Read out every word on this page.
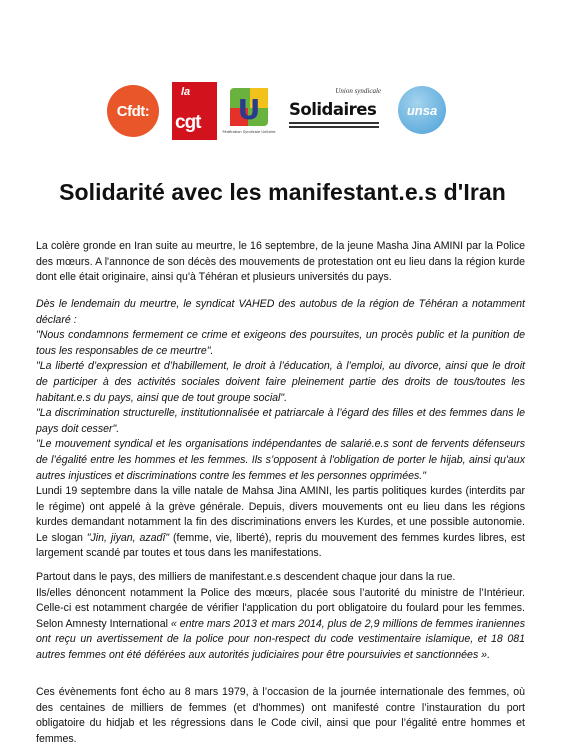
Cfdt:
la
cgt U
Fédération Syndicale Unitaire
Union syndicale
Solidaires unsa
Solidarité avec les manifestant.e.s d'Iran

La colère gronde en Iran suite au meurtre, le 16 septembre, de la jeune Masha Jina AMINI par la Police des mœurs. A l'annonce de son décès des mouvements de protestation ont eu lieu dans la région kurde dont elle était originaire, ainsi qu'à Téhéran et plusieurs universités du pays.

Dès le lendemain du meurtre, le syndicat VAHED des autobus de la région de Téhéran a notamment déclaré :

"Nous condamnons fermement ce crime et exigeons des poursuites, un procès public et la punition de tous les responsables de ce meurtre".

"La liberté d’expression et d’habillement, le droit à l’éducation, à l’emploi, au divorce, ainsi que le droit de participer à des activités sociales doivent faire pleinement partie des droits de tous/toutes les habitant.e.s du pays, ainsi que de tout groupe social".

"La discrimination structurelle, institutionnalisée et patriarcale à l’égard des filles et des femmes dans le pays doit cesser".

"Le mouvement syndical et les organisations indépendantes de salarié.e.s sont de fervents défenseurs de l’égalité entre les hommes et les femmes. Ils s’opposent à l'obligation de porter le hijab, ainsi qu'aux autres injustices et discriminations contre les femmes et les personnes opprimées."

Lundi 19 septembre dans la ville natale de Mahsa Jina AMINI, les partis politiques kurdes (interdits par le régime) ont appelé à la grève générale. Depuis, divers mouvements ont eu lieu dans les régions kurdes demandant notamment la fin des discriminations envers les Kurdes, et une possible autonomie. Le slogan "Jin, jiyan, azadî" (femme, vie, liberté), repris du mouvement des femmes kurdes libres, est largement scandé par toutes et tous dans les manifestations.

Partout dans le pays, des milliers de manifestant.e.s descendent chaque jour dans la rue.

Ils/elles dénoncent notamment la Police des mœurs, placée sous l’autorité du ministre de l’Intérieur. Celle-ci est notamment chargée de vérifier l'application du port obligatoire du foulard pour les femmes. Selon Amnesty International « entre mars 2013 et mars 2014, plus de 2,9 millions de femmes iraniennes ont reçu un avertissement de la police pour non-respect du code vestimentaire islamique, et 18 081 autres femmes ont été déférées aux autorités judiciaires pour être poursuivies et sanctionnées ».

Ces évènements font écho au 8 mars 1979, à l’occasion de la journée internationale des femmes, où des centaines de milliers de femmes (et d'hommes) ont manifesté contre l’instauration du port obligatoire du hidjab et les régressions dans le Code civil, ainsi que pour l’égalité entre hommes et femmes.
